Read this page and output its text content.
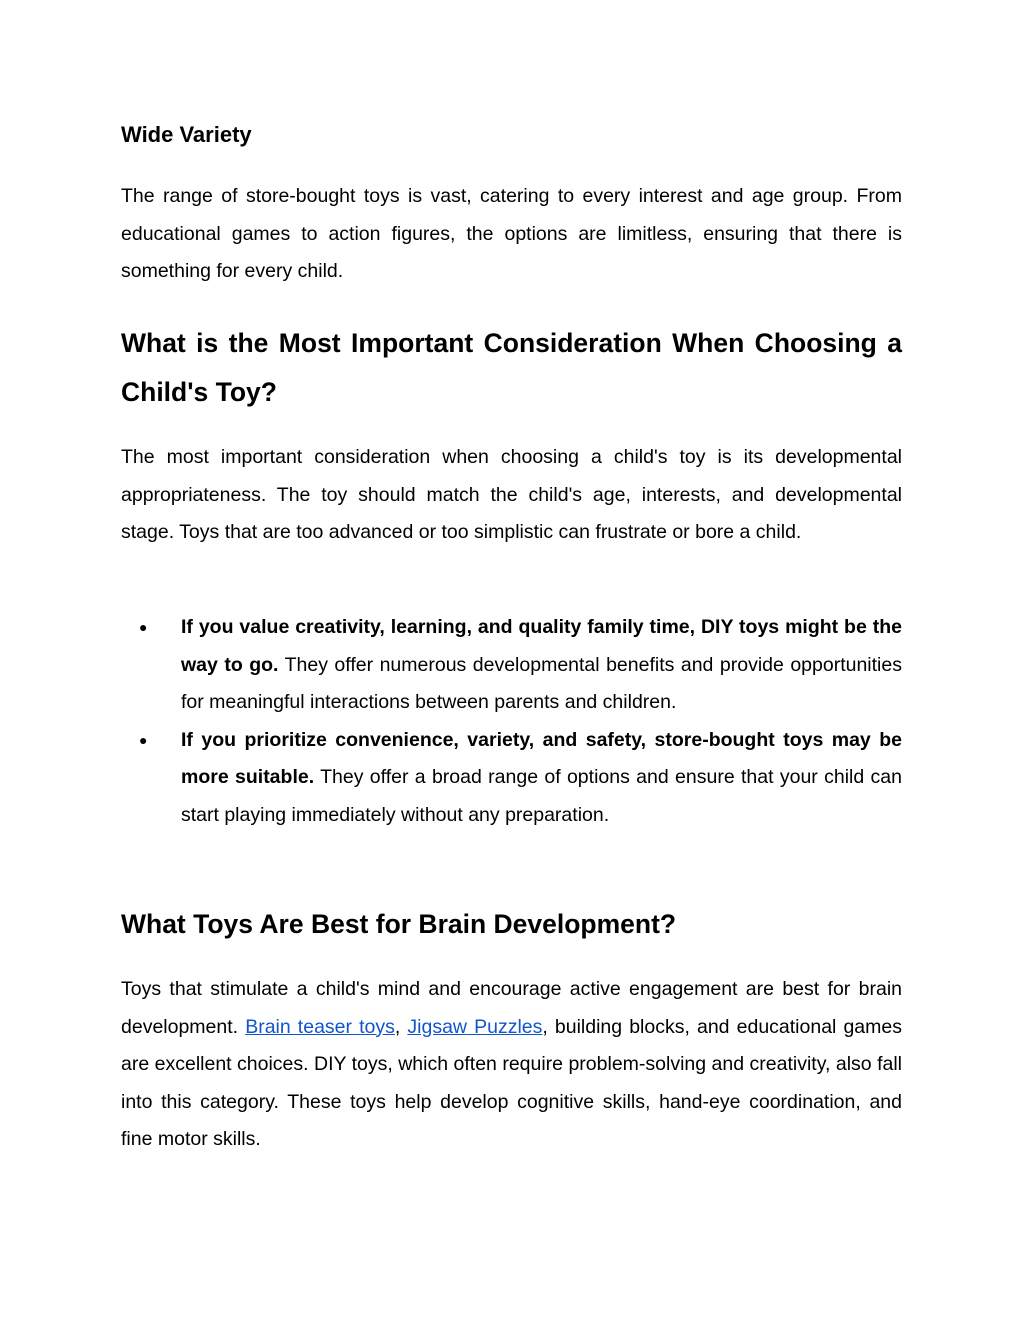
Wide Variety

The range of store-bought toys is vast, catering to every interest and age group. From educational games to action figures, the options are limitless, ensuring that there is something for every child.

What is the Most Important Consideration When Choosing a Child's Toy?

The most important consideration when choosing a child's toy is its developmental appropriateness. The toy should match the child's age, interests, and developmental stage. Toys that are too advanced or too simplistic can frustrate or bore a child.

● If you value creativity, learning, and quality family time, DIY toys might be the way to go. They offer numerous developmental benefits and provide opportunities for meaningful interactions between parents and children.
● If you prioritize convenience, variety, and safety, store-bought toys may be more suitable. They offer a broad range of options and ensure that your child can start playing immediately without any preparation.
What Toys Are Best for Brain Development?

Toys that stimulate a child's mind and encourage active engagement are best for brain development. Brain teaser toys, Jigsaw Puzzles, building blocks, and educational games are excellent choices. DIY toys, which often require problem-solving and creativity, also fall into this category. These toys help develop cognitive skills, hand-eye coordination, and fine motor skills.
